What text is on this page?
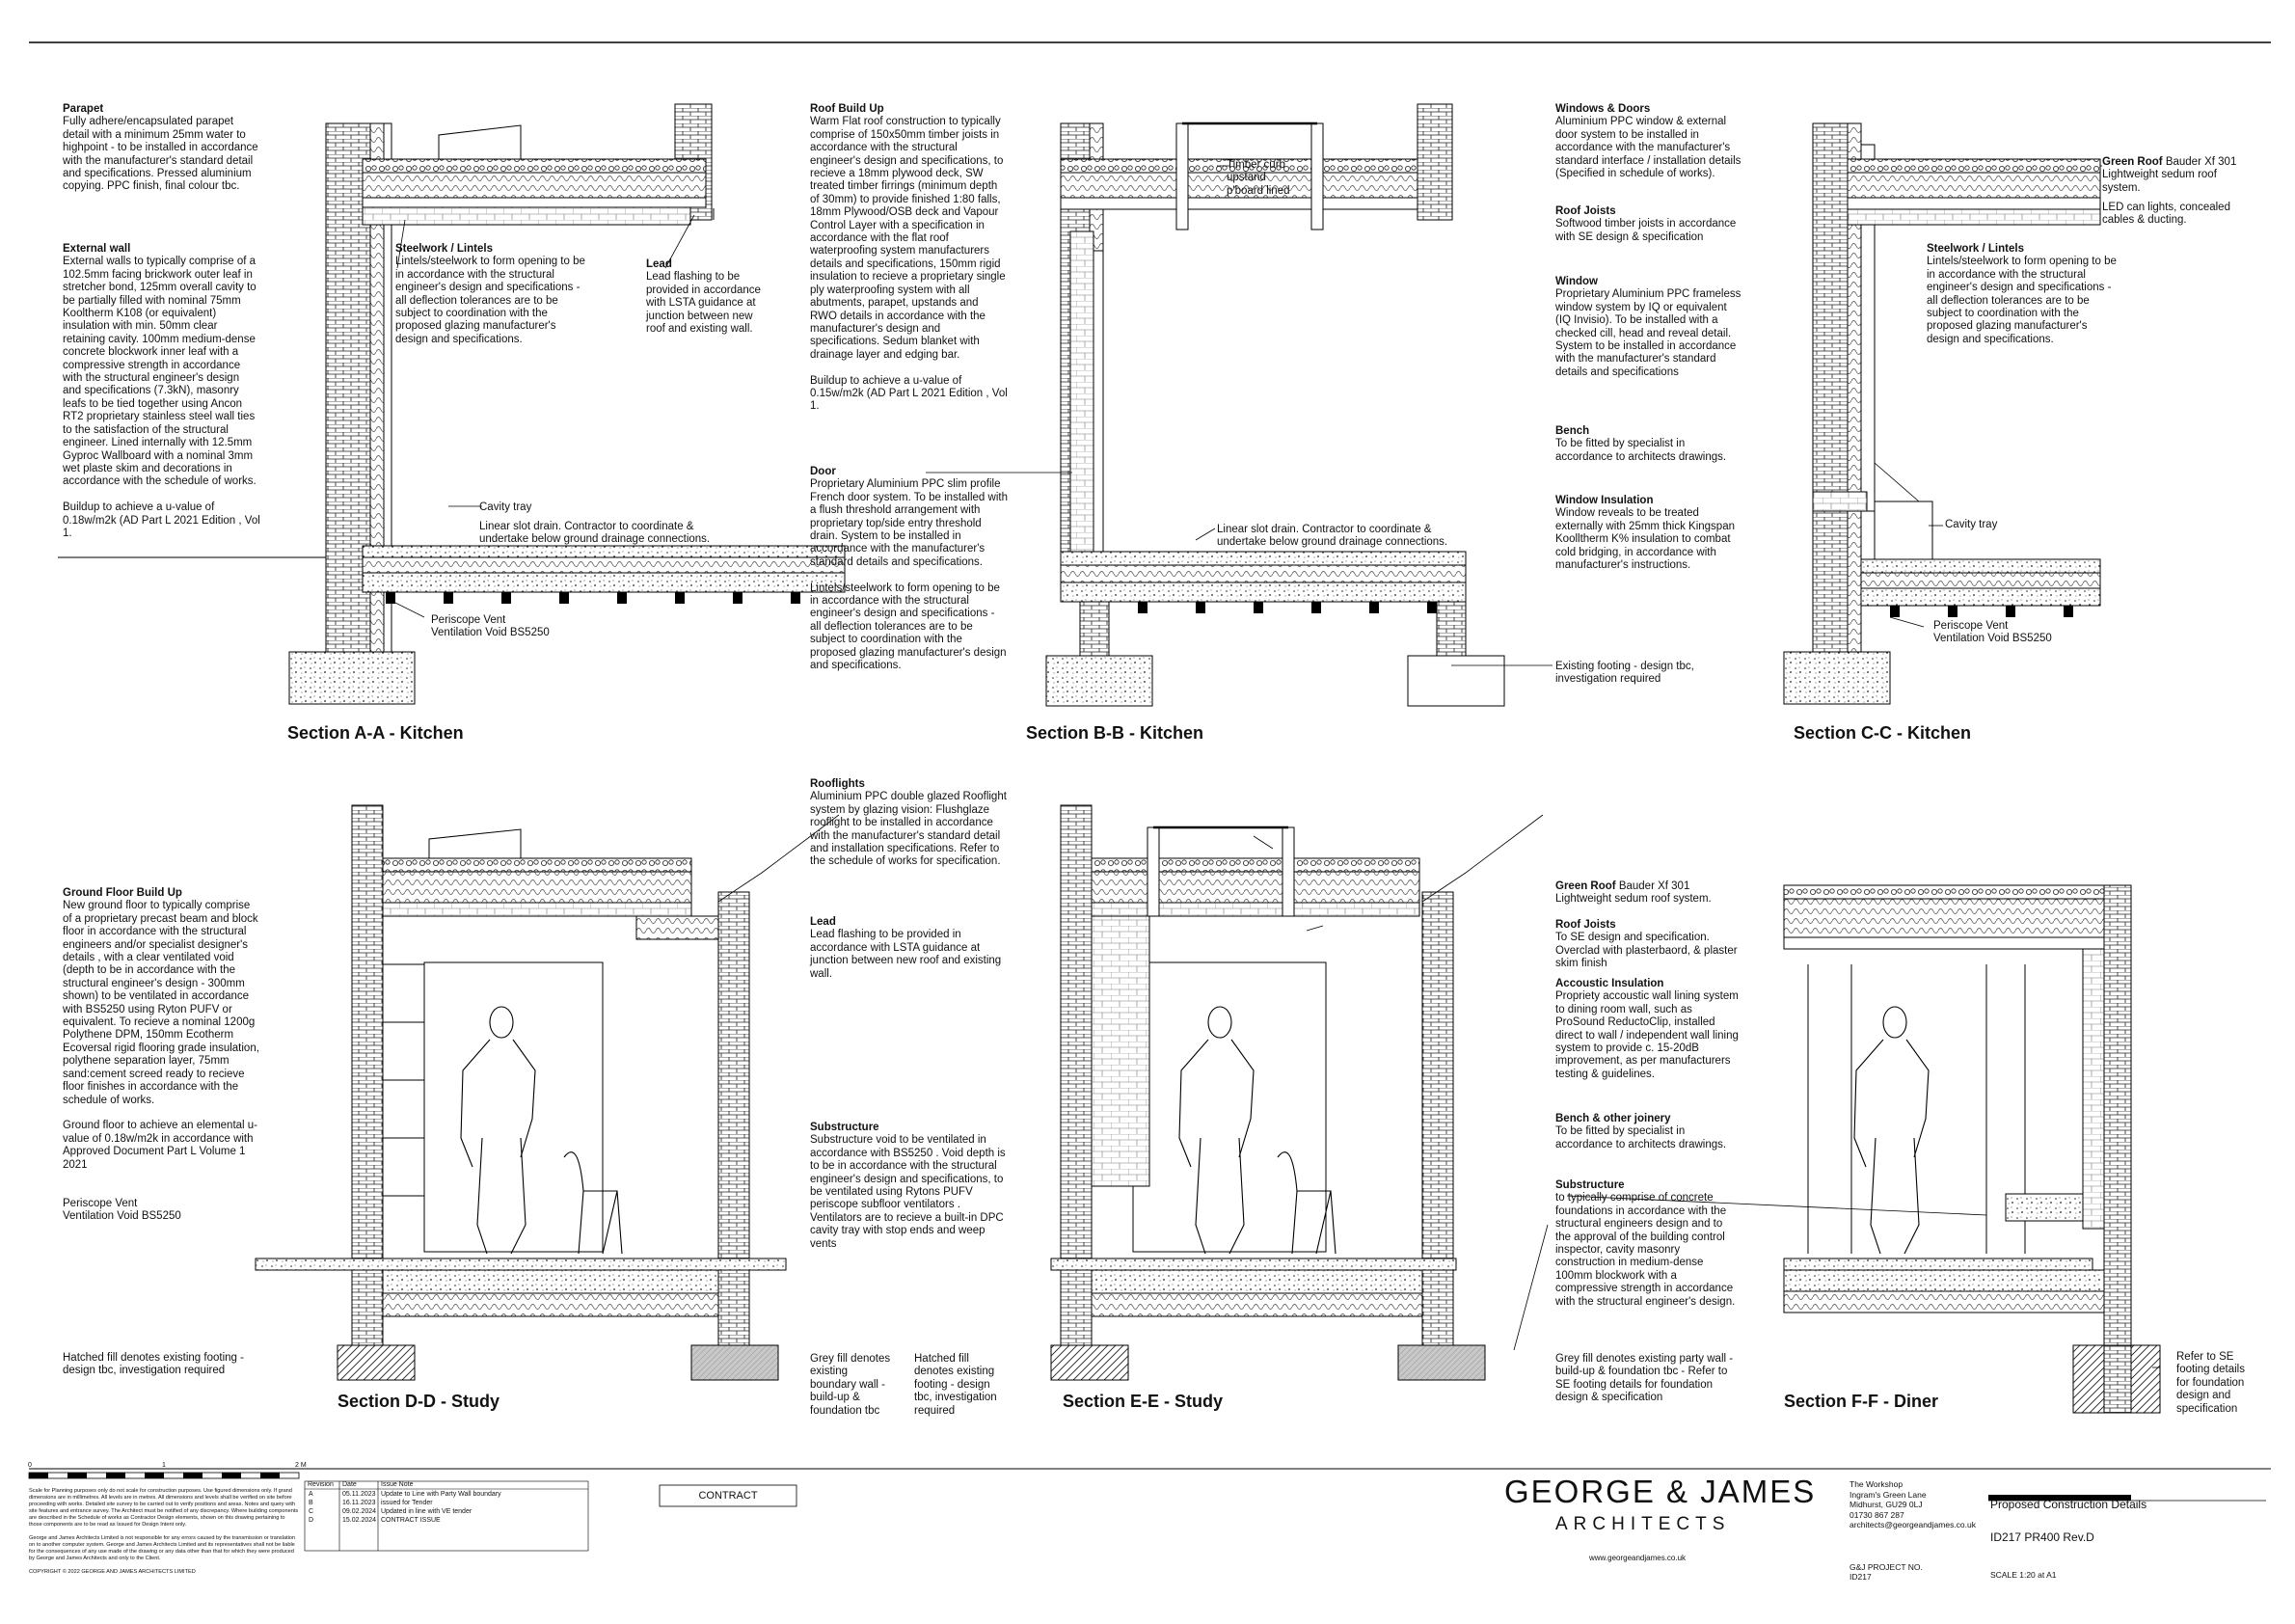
Parapet
Fully adhere/encapsulated parapet detail with a minimum 25mm water to highpoint - to be installed in accordance with the manufacturer's standard detail and specifications. Pressed aluminium copying. PPC finish, final colour tbc.
External wall
External walls to typically comprise of a 102.5mm facing brickwork outer leaf in stretcher bond, 125mm overall cavity to be partially filled with nominal 75mm Kooltherm K108 (or equivalent) insulation with min. 50mm clear retaining cavity. 100mm medium-dense concrete blockwork inner leaf with a compressive strength in accordance with the structural engineer's design and specifications (7.3kN), masonry leafs to be tied together using Ancon RT2 proprietary stainless steel wall ties to the satisfaction of the structural engineer. Lined internally with 12.5mm Gyproc Wallboard with a nominal 3mm wet plaste skim and decorations in accordance with the schedule of works.

Buildup to achieve a u-value of 0.18w/m2k (AD Part L 2021 Edition , Vol 1.
Roof Build Up
Warm Flat roof construction to typically comprise of 150x50mm timber joists in accordance with the structural engineer's design and specifications, to recieve a 18mm plywood deck, SW treated timber firrings (minimum depth of 30mm) to provide finished 1:80 falls, 18mm Plywood/OSB deck and Vapour Control Layer with a specification in accordance with the flat roof waterproofing system manufacturers details and specifications, 150mm rigid insulation to recieve a proprietary single ply waterproofing system with all abutments, parapet, upstands and RWO details in accordance with the manufacturer's design and specifications. Sedum blanket with drainage layer and edging bar.

Buildup to achieve a u-value of 0.15w/m2k (AD Part L 2021 Edition , Vol 1.
Door
Proprietary Aluminium PPC slim profile French door system. To be installed with a flush threshold arrangement with proprietary top/side entry threshold drain. System to be installed in accordance with the manufacturer's standard details and specifications.

Lintels/steelwork to form opening to be in accordance with the structural engineer's design and specifications - all deflection tolerances are to be subject to coordination with the proposed glazing manufacturer's design and specifications.
Windows & Doors
Aluminium PPC window & external door system to be installed in accordance with the manufacturer's standard interface / installation details (Specified in schedule of works).
Roof Joists
Softwood timber joists in accordance with SE design & specification
Window
Proprietary Aluminium PPC frameless window system by IQ or equivalent (IQ Invisio). To be installed with a checked cill, head and reveal detail. System to be installed in accordance with the manufacturer's standard details and specifications
Bench
To be fitted by specialist in accordance to architects drawings.
Window Insulation
Window reveals to be treated externally with 25mm thick Kingspan Koolltherm K% insulation to combat cold bridging, in accordance with manufacturer's instructions.
Ground Floor Build Up
New ground floor to typically comprise of a proprietary precast beam and block floor in accordance with the structural engineers and/or specialist designer's details , with a clear ventilated void (depth to be in accordance with the structural engineer's design - 300mm shown) to be ventilated in accordance with BS5250 using Ryton PUFV or equivalent. To recieve a nominal 1200g Polythene DPM, 150mm Ecotherm Ecoversal rigid flooring grade insulation, polythene separation layer, 75mm sand:cement screed ready to recieve floor finishes in accordance with the schedule of works.

Ground floor to achieve an elemental u-value of 0.18w/m2k in accordance with Approved Document Part L Volume 1 2021

Periscope Vent
Ventilation Void BS5250
Hatched fill denotes existing footing - design tbc, investigation required
Rooflights
Aluminium PPC double glazed Rooflight system by glazing vision: Flushglaze rooflight to be installed in accordance with the manufacturer's standard detail and installation specifications. Refer to the schedule of works for specification.
Lead
Lead flashing to be provided in accordance with LSTA guidance at junction between new roof and existing wall.
Substructure
Substructure void to be ventilated in accordance with BS5250 . Void depth is to be in accordance with the structural engineer's design and specifications, to be ventilated using Rytons PUFV periscope subfloor ventilators . Ventilators are to recieve a built-in DPC cavity tray with stop ends and weep vents
Grey fill denotes existing boundary wall - build-up & foundation tbc
Hatched fill denotes existing footing - design tbc, investigation required
Green Roof Bauder Xf 301
Lightweight sedum roof system.
Roof Joists
To SE design and specification. Overclad with plasterbaord, & plaster skim finish
Accoustic Insulation
Propriety accoustic wall lining system to dining room wall, such as ProSound ReductoClip, installed direct to wall / independent wall lining system to provide c. 15-20dB improvement, as per manufacturers testing & guidelines.
Bench & other joinery
To be fitted by specialist in accordance to architects drawings.
Substructure
to typically comprise of concrete foundations in accordance with the structural engineers design and to the approval of the building control inspector, cavity masonry construction in medium-dense 100mm blockwork with a compressive strength in accordance with the structural engineer's design.
Grey fill denotes existing party wall - build-up & foundation tbc - Refer to SE footing details for foundation design & specification
Steelwork / Lintels
Lintels/steelwork to form opening to be in accordance with the structural engineer's design and specifications - all deflection tolerances are to be subject to coordination with the proposed glazing manufacturer's design and specifications.
Lead
Lead flashing to be provided in accordance with LSTA guidance at junction between new roof and existing wall.
Cavity tray
Linear slot drain. Contractor to coordinate &
undertake below ground drainage connections.
Periscope Vent
Ventilation Void BS5250
Timber curb
upstand
p'board lined
Linear slot drain. Contractor to coordinate &
undertake below ground drainage connections.
Existing footing - design tbc,
investigation required
Green Roof Bauder Xf 301
Lightweight sedum roof
system.
LED can lights, concealed
cables & ducting.
Steelwork / Lintels
Lintels/steelwork to form opening to be in accordance with the structural engineer's design and specifications - all deflection tolerances are to be subject to coordination with the proposed glazing manufacturer's design and specifications.
Cavity tray
Periscope Vent
Ventilation Void BS5250
Refer to SE
footing details
for foundation
design and
specification
Section A-A - Kitchen	Section B-B - Kitchen	Section C-C - Kitchen
Section D-D - Study	Section E-E - Study	Section F-F - Diner
0	1	2 M
Scale for Planning purposes only do not scale for construction purposes. Use figured dimensions only. If grand dimensions are in millimetres. All levels are in metres. All dimensions and levels shall be verified on site before proceeding with works. Detailed site survey to be carried out to verify positions and areas. Notes and query with site features and entrance survey. The Architect must be notified of any discrepancy. Where building components are described in the Schedule of works as Contractor Design elements, shown on this drawing pertaining to those components are to be read as Issued for Design Intent only.

George and James Architects Limited is not responsible for any errors caused by the transmission or translation on to another computer system. George and James Architects Limited and its representatives shall not be liable for the consequences of any use made of the drawing or any data other than that for which they were produced by George and James Architects and only to the Client.

COPYRIGHT © 2022 GEORGE AND JAMES ARCHITECTS LIMITED
Revision Date	Issue Note
A	05.11.2023 Update to Line with Party Wall boundary
B	16.11.2023 issued for Tender
C	09.02.2024 Updated in line with VE tender
D	15.02.2024 CONTRACT ISSUE
CONTRACT	GEORGE & JAMES
ARCHITECTS
www.georgeandjames.co.uk
The Workshop
Ingram's Green Lane
Midhurst, GU29 0LJ
01730 867 287
architects@georgeandjames.co.uk
G&J PROJECT NO.
ID217
Proposed Construction Details
ID217 PR400 Rev.D
SCALE 1:20 at A1
